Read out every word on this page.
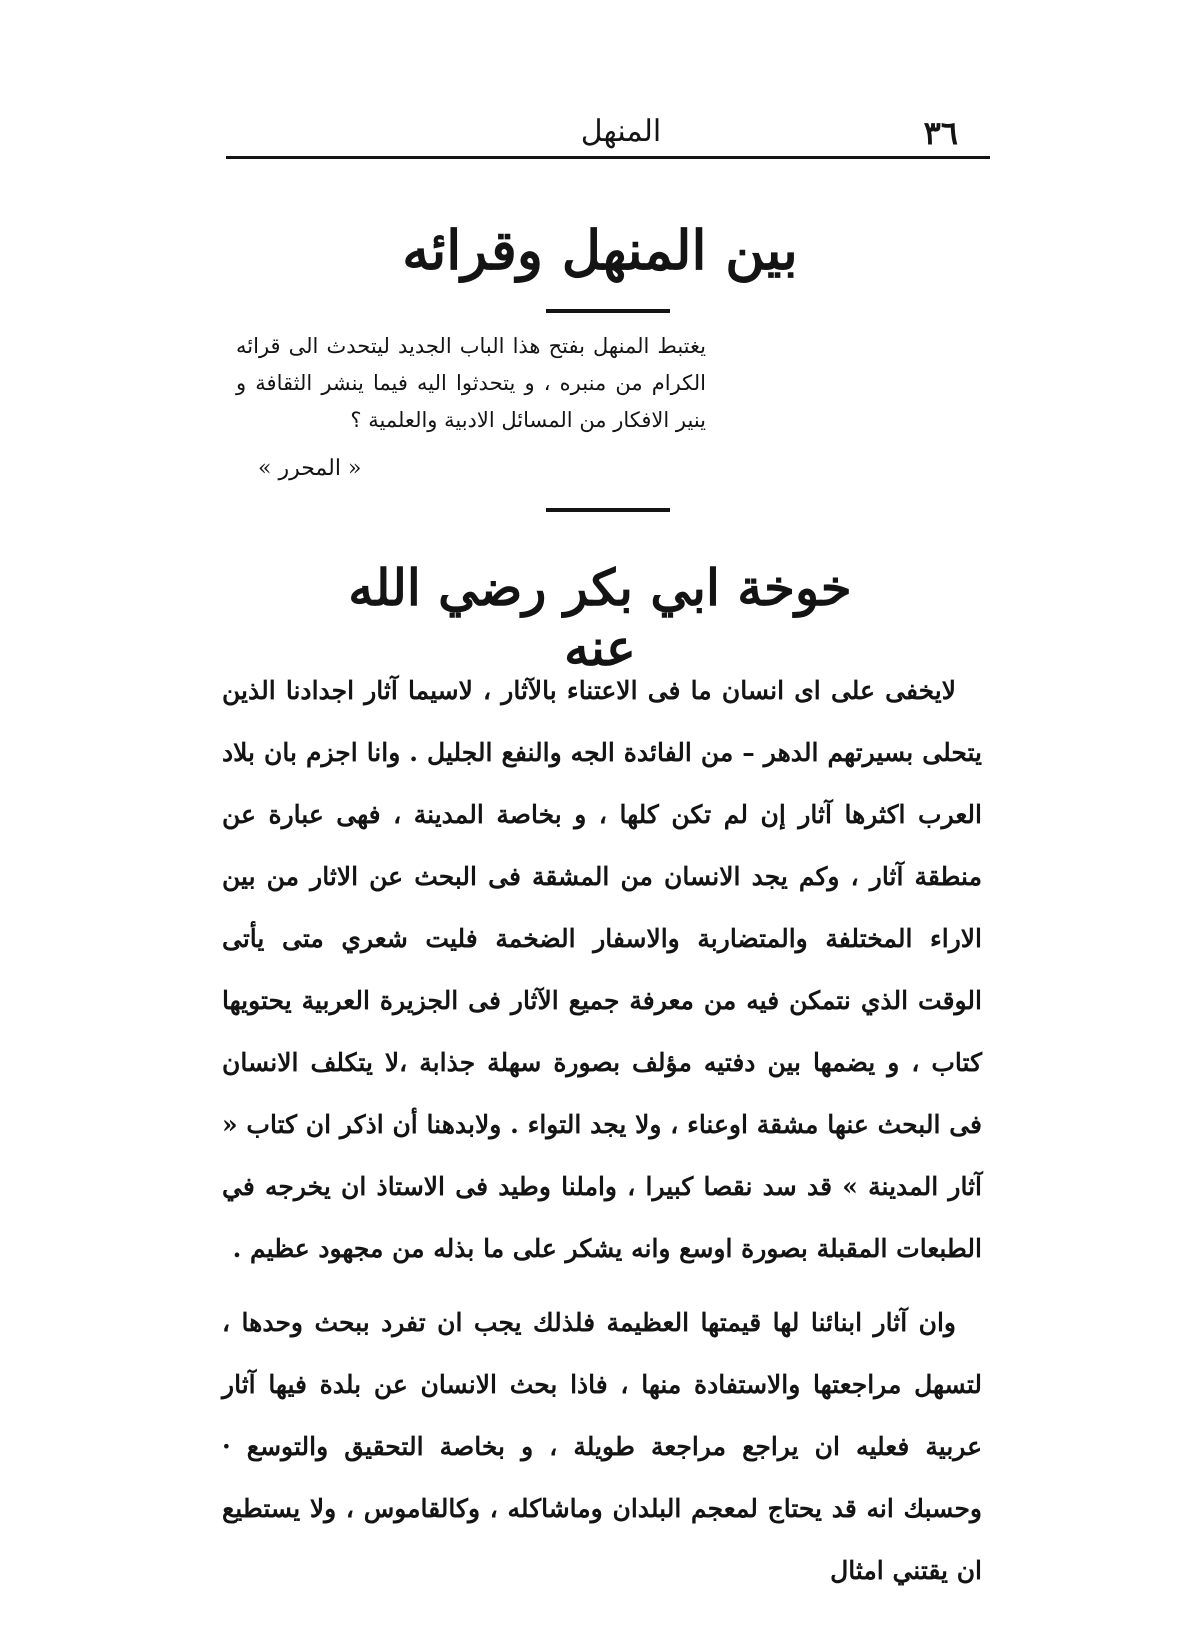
٣٦
المنهل
بين المنهل وقرائه
يغتبط المنهل بفتح هذا الباب الجديد ليتحدث الى قرائه الكرام من منبره ، و يتحدثوا اليه فيما ينشر الثقافة و ينير الافكار من المسائل الادبية والعلمية ؟
« المحرر »
خوخة ابي بكر رضي الله عنه

لايخفى على اى انسان ما فى الاعتناء بالآثار ، لاسيما آثار اجدادنا الذين يتحلى بسيرتهم الدهر – من الفائدة الجه والنفع الجليل . وانا اجزم بان بلاد العرب اكثرها آثار إن لم تكن كلها ، و بخاصة المدينة ، فهى عبارة عن منطقة آثار ، وكم يجد الانسان من المشقة فى البحث عن الاثار من بين الاراء المختلفة والمتضاربة والاسفار الضخمة فليت شعري متى يأتى الوقت الذي نتمكن فيه من معرفة جميع الآثار فى الجزيرة العربية يحتويها كتاب ، و يضمها بين دفتيه مؤلف بصورة سهلة جذابة ،لا يتكلف الانسان فى البحث عنها مشقة اوعناء ، ولا يجد التواء . ولابدهنا أن اذكر ان كتاب « آثار المدينة » قد سد نقصا كبيرا ، واملنا وطيد فى الاستاذ ان يخرجه في الطبعات المقبلة بصورة اوسع وانه يشكر على ما بذله من مجهود عظيم .

وان آثار ابنائنا لها قيمتها العظيمة فلذلك يجب ان تفرد ببحث وحدها ، لتسهل مراجعتها والاستفادة منها ، فاذا بحث الانسان عن بلدة فيها آثار عربية فعليه ان يراجع مراجعة طويلة ، و بخاصة التحقيق والتوسع · وحسبك انه قد يحتاج لمعجم البلدان وماشاكله ، وكالقاموس ، ولا يستطيع ان يقتني امثال
